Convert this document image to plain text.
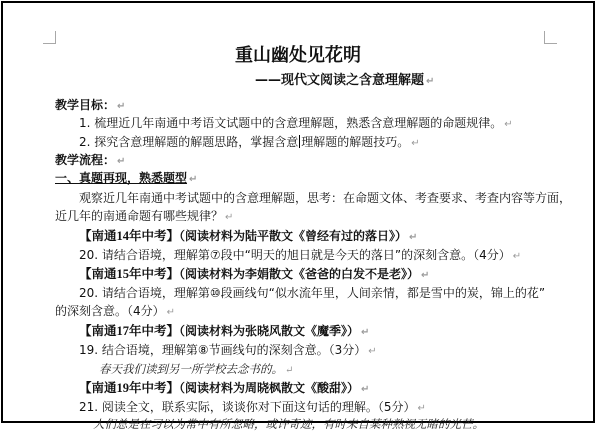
重山幽处见花明
——现代文阅读之含意理解题 ↵
教学目标： ↵
1. 梳理近几年南通中考语文试题中的含意理解题，熟悉含意理解题的命题规律。 ↵
2. 探究含意理解题的解题思路，掌握含意 理解题的解题技巧。 ↵
教学流程： ↵
一、真题再现，熟悉题型 ↵
观察近几年南通中考试题中的含意理解题，思考：在命题文体、考查要求、考查内容等方面，
近几年的南通命题有哪些规律？ ↵
【南通14年中考】（阅读材料为陆平散文《曾经有过的落日》） ↵
20. 请结合语境，理解第⑦段中“明天的旭日就是今天的落日”的深刻含意。（4分） ↵
【南通15年中考】（阅读材料为李娟散文《爸爸的白发不是老》） ↵
20. 请结合语境，理解第⑩段画线句“似水流年里，人间亲情，都是雪中的炭，锦上的花”
的深刻含意。（4分） ↵
【南通17年中考】（阅读材料为张晓风散文《魔季》） ↵
19. 结合语境，理解第⑧节画线句的深刻含意。（3分） ↵
春天我们读到另一所学校去念书的。 ↵
【南通19年中考】（阅读材料为周晓枫散文《酸甜》） ↵
21. 阅读全文，联系实际，谈谈你对下面这句话的理解。（5分） ↵
人们总是在习以为常中有所忽略，或许奇迹，有时来自某种熟视无睹的光芒。
